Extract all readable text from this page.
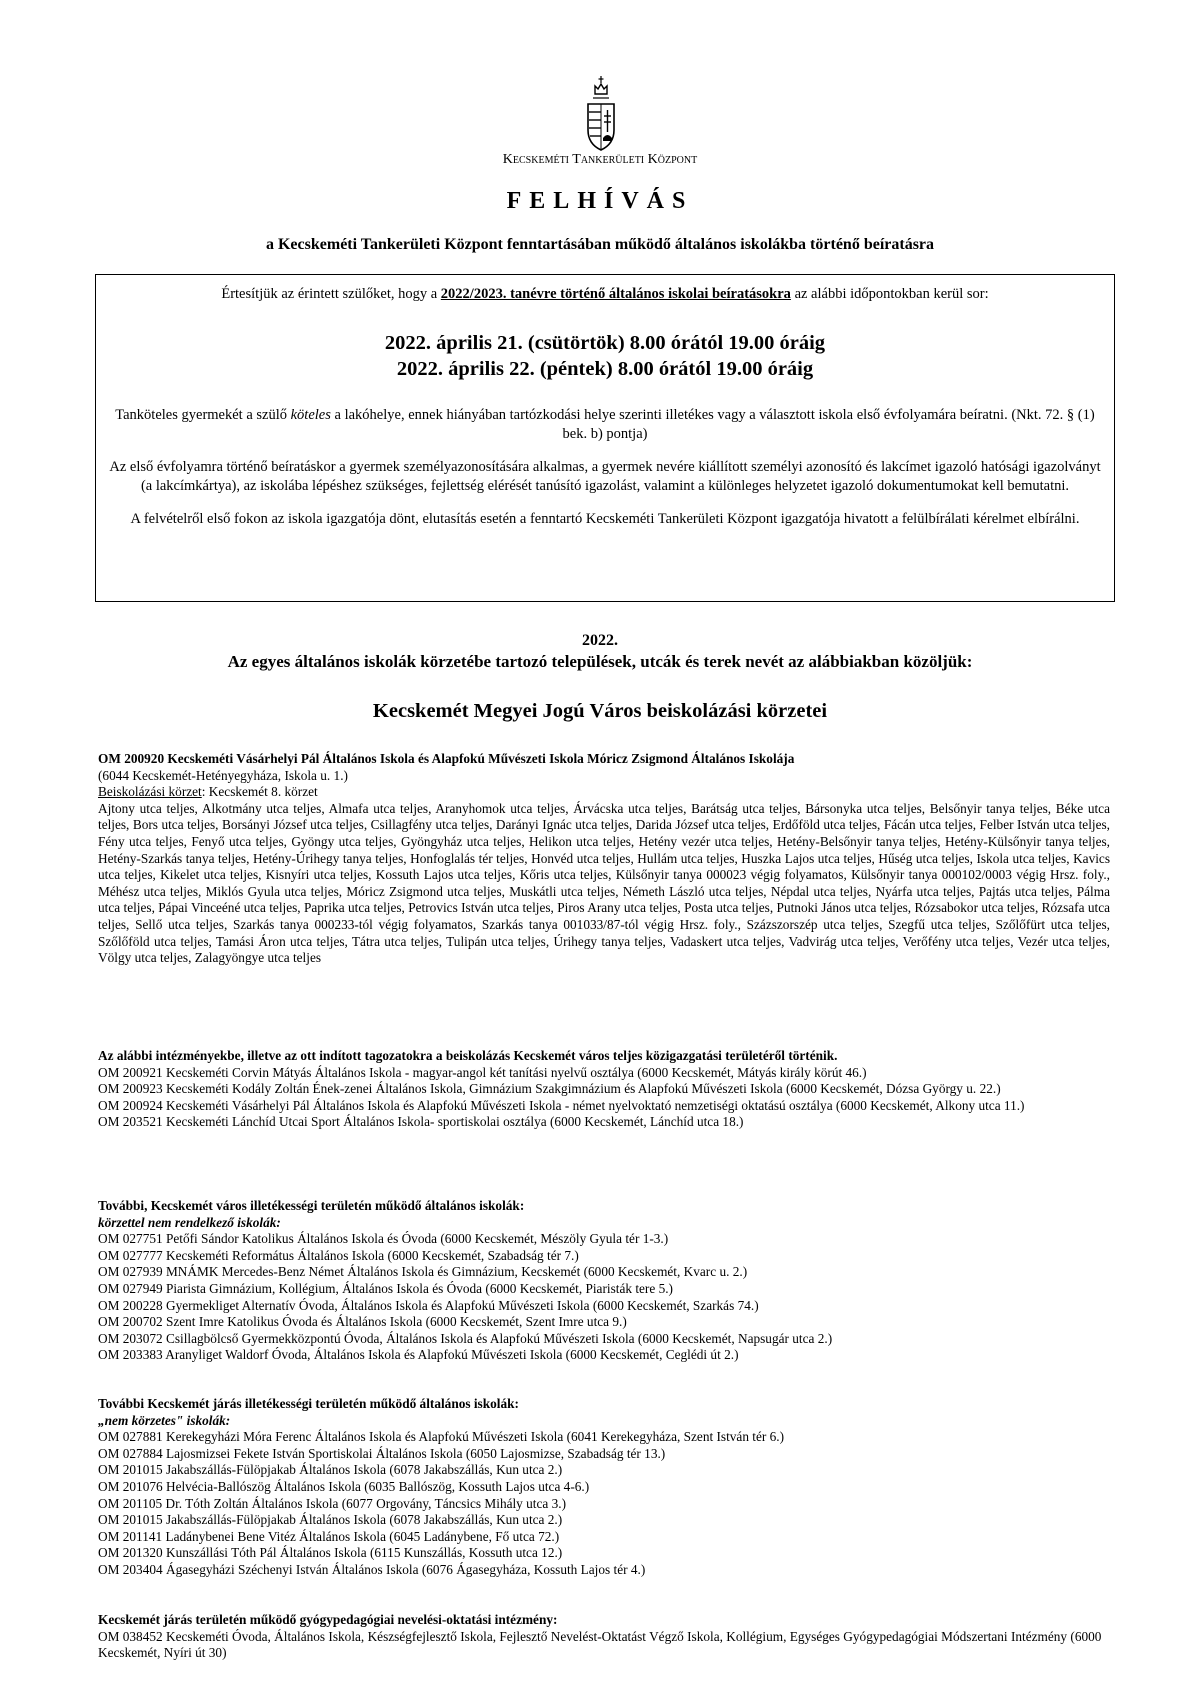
Kecskeméti Tankerületi Központ
FELHÍVÁS
a Kecskeméti Tankerületi Központ fenntartásában működő általános iskolákba történő beíratásra

Értesítjük az érintett szülőket, hogy a 2022/2023. tanévre történő általános iskolai beíratásokra az alábbi időpontokban kerül sor:

2022. április 21. (csütörtök) 8.00 órától 19.00 óráig
2022. április 22. (péntek) 8.00 órától 19.00 óráig

Tanköteles gyermekét a szülő köteles a lakóhelye, ennek hiányában tartózkodási helye szerinti illetékes vagy a választott iskola első évfolyamára beíratni. (Nkt. 72. § (1) bek. b) pontja)

Az első évfolyamra történő beíratáskor a gyermek személyazonosítására alkalmas, a gyermek nevére kiállított személyi azonosító és lakcímet igazoló hatósági igazolványt (a lakcímkártya), az iskolába lépéshez szükséges, fejlettség elérését tanúsító igazolást, valamint a különleges helyzetet igazoló dokumentumokat kell bemutatni.

A felvételről első fokon az iskola igazgatója dönt, elutasítás esetén a fenntartó Kecskeméti Tankerületi Központ igazgatója hivatott a felülbírálati kérelmet elbírálni.

2022.
Az egyes általános iskolák körzetébe tartozó települések, utcák és terek nevét az alábbiakban közöljük:
Kecskemét Megyei Jogú Város beiskolázási körzetei

OM 200920 Kecskeméti Vásárhelyi Pál Általános Iskola és Alapfokú Művészeti Iskola Móricz Zsigmond Általános Iskolája

(6044 Kecskemét-Hetényegyháza, Iskola u. 1.)

Beiskolázási körzet: Kecskemét 8. körzet

Ajtony utca teljes, Alkotmány utca teljes, Almafa utca teljes, Aranyhomok utca teljes, Árvácska utca teljes, Barátság utca teljes, Bársonyka utca teljes, Belsőnyir tanya teljes, Béke utca teljes, Bors utca teljes, Borsányi József utca teljes, Csillagfény utca teljes, Darányi Ignác utca teljes, Darida József utca teljes, Erdőföld utca teljes, Fácán utca teljes, Felber István utca teljes, Fény utca teljes, Fenyő utca teljes, Gyöngy utca teljes, Gyöngyház utca teljes, Helikon utca teljes, Hetény vezér utca teljes, Hetény-Belsőnyir tanya teljes, Hetény-Külsőnyir tanya teljes, Hetény-Szarkás tanya teljes, Hetény-Úrihegy tanya teljes, Honfoglalás tér teljes, Honvéd utca teljes, Hullám utca teljes, Huszka Lajos utca teljes, Hűség utca teljes, Iskola utca teljes, Kavics utca teljes, Kikelet utca teljes, Kisnyíri utca teljes, Kossuth Lajos utca teljes, Kőris utca teljes, Külsőnyir tanya 000023 végig folyamatos, Külsőnyir tanya 000102/0003 végig Hrsz. foly., Méhész utca teljes, Miklós Gyula utca teljes, Móricz Zsigmond utca teljes, Muskátli utca teljes, Németh László utca teljes, Népdal utca teljes, Nyárfa utca teljes, Pajtás utca teljes, Pálma utca teljes, Pápai Vinceéné utca teljes, Paprika utca teljes, Petrovics István utca teljes, Piros Arany utca teljes, Posta utca teljes, Putnoki János utca teljes, Rózsabokor utca teljes, Rózsafa utca teljes, Sellő utca teljes, Szarkás tanya 000233-tól végig folyamatos, Szarkás tanya 001033/87-tól végig Hrsz. foly., Százszorszép utca teljes, Szegfű utca teljes, Szőlőfürt utca teljes, Szőlőföld utca teljes, Tamási Áron utca teljes, Tátra utca teljes, Tulipán utca teljes, Úrihegy tanya teljes, Vadaskert utca teljes, Vadvirág utca teljes, Verőfény utca teljes, Vezér utca teljes, Völgy utca teljes, Zalagyöngye utca teljes

Az alábbi intézményekbe, illetve az ott indított tagozatokra a beiskolázás Kecskemét város teljes közigazgatási területéről történik.

OM 200921 Kecskeméti Corvin Mátyás Általános Iskola - magyar-angol két tanítási nyelvű osztálya (6000 Kecskemét, Mátyás király körút 46.)

OM 200923 Kecskeméti Kodály Zoltán Ének-zenei Általános Iskola, Gimnázium Szakgimnázium és Alapfokú Művészeti Iskola (6000 Kecskemét, Dózsa György u. 22.)

OM 200924 Kecskeméti Vásárhelyi Pál Általános Iskola és Alapfokú Művészeti Iskola - német nyelvoktató nemzetiségi oktatású osztálya (6000 Kecskemét, Alkony utca 11.)

OM 203521 Kecskeméti Lánchíd Utcai Sport Általános Iskola- sportiskolai osztálya (6000 Kecskemét, Lánchíd utca 18.)

További, Kecskemét város illetékességi területén működő általános iskolák:

körzettel nem rendelkező iskolák:

OM 027751 Petőfi Sándor Katolikus Általános Iskola és Óvoda (6000 Kecskemét, Mészöly Gyula tér 1-3.)

OM 027777 Kecskeméti Református Általános Iskola (6000 Kecskemét, Szabadság tér 7.)

OM 027939 MNÁMK Mercedes-Benz Német Általános Iskola és Gimnázium, Kecskemét (6000 Kecskemét, Kvarc u. 2.)

OM 027949 Piarista Gimnázium, Kollégium, Általános Iskola és Óvoda (6000 Kecskemét, Piaristák tere 5.)

OM 200228 Gyermekliget Alternatív Óvoda, Általános Iskola és Alapfokú Művészeti Iskola (6000 Kecskemét, Szarkás 74.)

OM 200702 Szent Imre Katolikus Óvoda és Általános Iskola (6000 Kecskemét, Szent Imre utca 9.)

OM 203072 Csillagbölcső Gyermekközpontú Óvoda, Általános Iskola és Alapfokú Művészeti Iskola (6000 Kecskemét, Napsugár utca 2.)

OM 203383 Aranyliget Waldorf Óvoda, Általános Iskola és Alapfokú Művészeti Iskola (6000 Kecskemét, Ceglédi út 2.)

További Kecskemét járás illetékességi területén működő általános iskolák:

„nem körzetes" iskolák:

OM 027881 Kerekegyházi Móra Ferenc Általános Iskola és Alapfokú Művészeti Iskola (6041 Kerekegyháza, Szent István tér 6.)

OM 027884 Lajosmizsei Fekete István Sportiskolai Általános Iskola (6050 Lajosmizse, Szabadság tér 13.)

OM 201015 Jakabszállás-Fülöpjakab Általános Iskola (6078 Jakabszállás, Kun utca 2.)

OM 201076 Helvécia-Ballószög Általános Iskola (6035 Ballószög, Kossuth Lajos utca 4-6.)

OM 201105 Dr. Tóth Zoltán Általános Iskola (6077 Orgovány, Táncsics Mihály utca 3.)

OM 201015 Jakabszállás-Fülöpjakab Általános Iskola (6078 Jakabszállás, Kun utca 2.)

OM 201141 Ladánybenei Bene Vitéz Általános Iskola (6045 Ladánybene, Fő utca 72.)

OM 201320 Kunszállási Tóth Pál Általános Iskola (6115 Kunszállás, Kossuth utca 12.)

OM 203404 Ágasegyházi Széchenyi István Általános Iskola (6076 Ágasegyháza, Kossuth Lajos tér 4.)

Kecskemét járás területén működő gyógypedagógiai nevelési-oktatási intézmény:

OM 038452 Kecskeméti Óvoda, Általános Iskola, Készségfejlesztő Iskola, Fejlesztő Nevelést-Oktatást Végző Iskola, Kollégium, Egységes Gyógypedagógiai Módszertani Intézmény (6000 Kecskemét, Nyíri út 30)
